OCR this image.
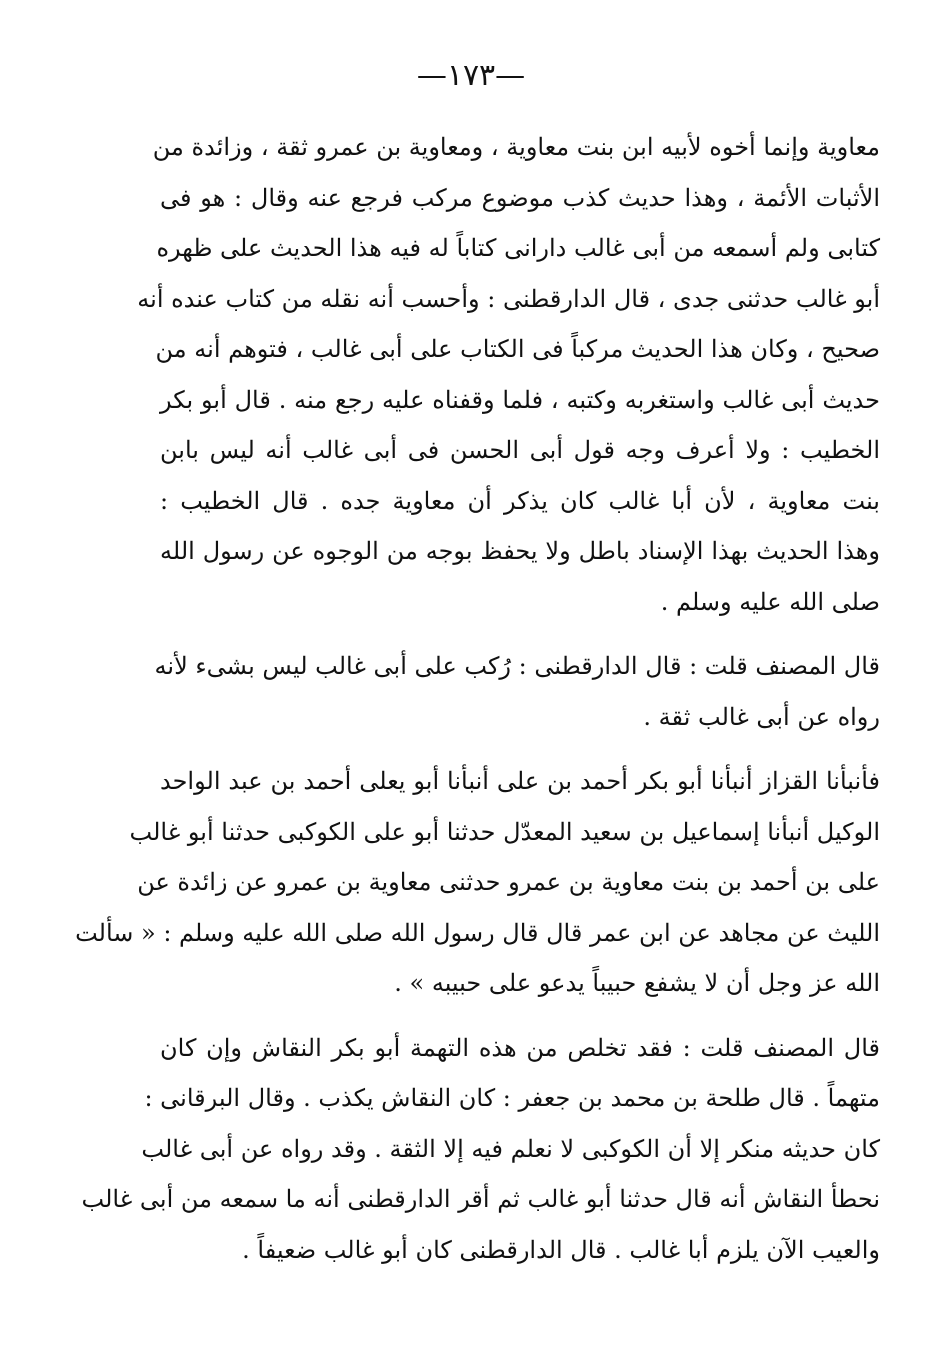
—١٧٣—
معاوية وإنما أخوه لأبيه ابن بنت معاوية ، ومعاوية بن عمرو ثقة ، وزائدة من
الأثبات الأئمة ، وهذا حديث كذب موضوع مركب فرجع عنه وقال : هو فى
كتابى ولم أسمعه من أبى غالب دارانى كتاباً له فيه هذا الحديث على ظهره
أبو غالب حدثنى جدى ، قال الدارقطنى : وأحسب أنه نقله من كتاب عنده أنه
صحيح ، وكان هذا الحديث مركباً فى الكتاب على أبى غالب ، فتوهم أنه من
حديث أبى غالب واستغربه وكتبه ، فلما وقفناه عليه رجع منه . قال أبو بكر
الخطيب : ولا أعرف وجه قول أبى الحسن فى أبى غالب أنه ليس بابن
بنت معاوية ، لأن أبا غالب كان يذكر أن معاوية جده . قال الخطيب :
وهذا الحديث بهذا الإسناد باطل ولا يحفظ بوجه من الوجوه عن رسول الله
صلى الله عليه وسلم .
قال المصنف قلت : قال الدارقطنى : رُكب على أبى غالب ليس بشىء لأنه
رواه عن أبى غالب ثقة .
فأنبأنا القزاز أنبأنا أبو بكر أحمد بن على أنبأنا أبو يعلى أحمد بن عبد الواحد
الوكيل أنبأنا إسماعيل بن سعيد المعدّل حدثنا أبو على الكوكبى حدثنا أبو غالب
على بن أحمد بن بنت معاوية بن عمرو حدثنى معاوية بن عمرو عن زائدة عن
الليث عن مجاهد عن ابن عمر قال قال رسول الله صلى الله عليه وسلم : « سألت
الله عز وجل أن لا يشفع حبيباً يدعو على حبيبه » .
قال المصنف قلت : فقد تخلص من هذه التهمة أبو بكر النقاش وإن كان
متهماً . قال طلحة بن محمد بن جعفر : كان النقاش يكذب . وقال البرقانى :
كان حديثه منكر إلا أن الكوكبى لا نعلم فيه إلا الثقة . وقد رواه عن أبى غالب
نحطأ النقاش أنه قال حدثنا أبو غالب ثم أقر الدارقطنى أنه ما سمعه من أبى غالب
والعيب الآن يلزم أبا غالب . قال الدارقطنى كان أبو غالب ضعيفاً .
